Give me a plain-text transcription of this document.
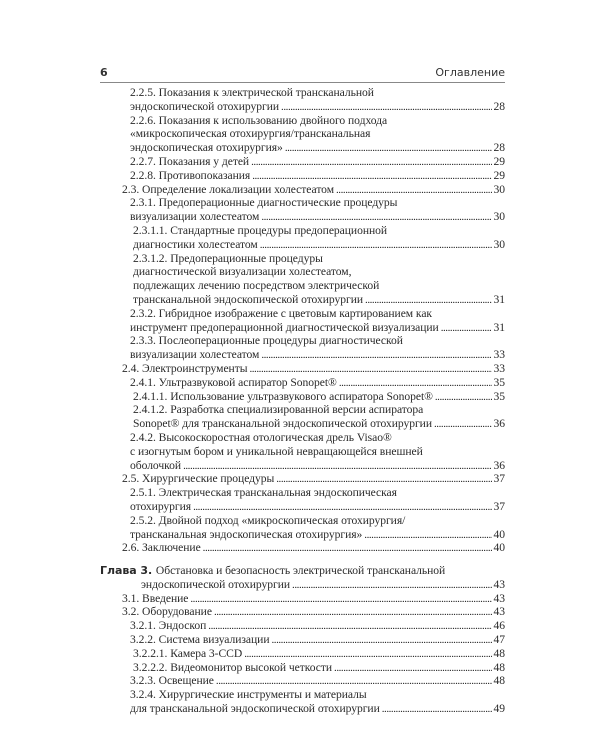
6	Оглавление
2.2.5. Показания к электрической трансканальной
эндоскопической отохирургии . . .	28
2.2.6. Показания к использованию двойного подхода
«микроскопическая отохирургия/трансканальная
эндоскопическая отохирургия» . . .	28
2.2.7. Показания у детей . . .	29
2.2.8. Противопоказания . . .	29
2.3. Определение локализации холестеатом . . .	30
2.3.1. Предоперационные диагностические процедуры
визуализации холестеатом . . .	30
2.3.1.1. Стандартные процедуры предоперационной
диагностики холестеатом . . .	30
2.3.1.2. Предоперационные процедуры
диагностической визуализации холестеатом,
подлежащих лечению посредством электрической
трансканальной эндоскопической отохирургии . . .	31
2.3.2. Гибридное изображение с цветовым картированием как
инструмент предоперационной диагностической визуализации . . .	31
2.3.3. Послеоперационные процедуры диагностической
визуализации холестеатом . . .	33
2.4. Электроинструменты . . .	33
2.4.1. Ультразвуковой аспиратор Sonopet® . . .	35
2.4.1.1. Использование ультразвукового аспиратора Sonopet® . . .	35
2.4.1.2. Разработка специализированной версии аспиратора
Sonopet® для трансканальной эндоскопической отохирургии . . .	36
2.4.2. Высокоскоростная отологическая дрель Visao®
с изогнутым бором и уникальной невращающейся внешней
оболочкой . . .	36
2.5. Хирургические процедуры . . .	37
2.5.1. Электрическая трансканальная эндоскопическая
отохирургия . . .	37
2.5.2. Двойной подход «микроскопическая отохирургия/
трансканальная эндоскопическая отохирургия» . . .	40
2.6. Заключение . . .	40
Глава 3. Обстановка и безопасность электрической трансканальной
эндоскопической отохирургии . . .	43
3.1. Введение . . .	43
3.2. Оборудование . . .	43
3.2.1. Эндоскоп . . .	46
3.2.2. Система визуализации . . .	47
3.2.2.1. Камера 3-CCD . . .	48
3.2.2.2. Видеомонитор высокой четкости . . .	48
3.2.3. Освещение . . .	48
3.2.4. Хирургические инструменты и материалы
для трансканальной эндоскопической отохирургии . . .	49
